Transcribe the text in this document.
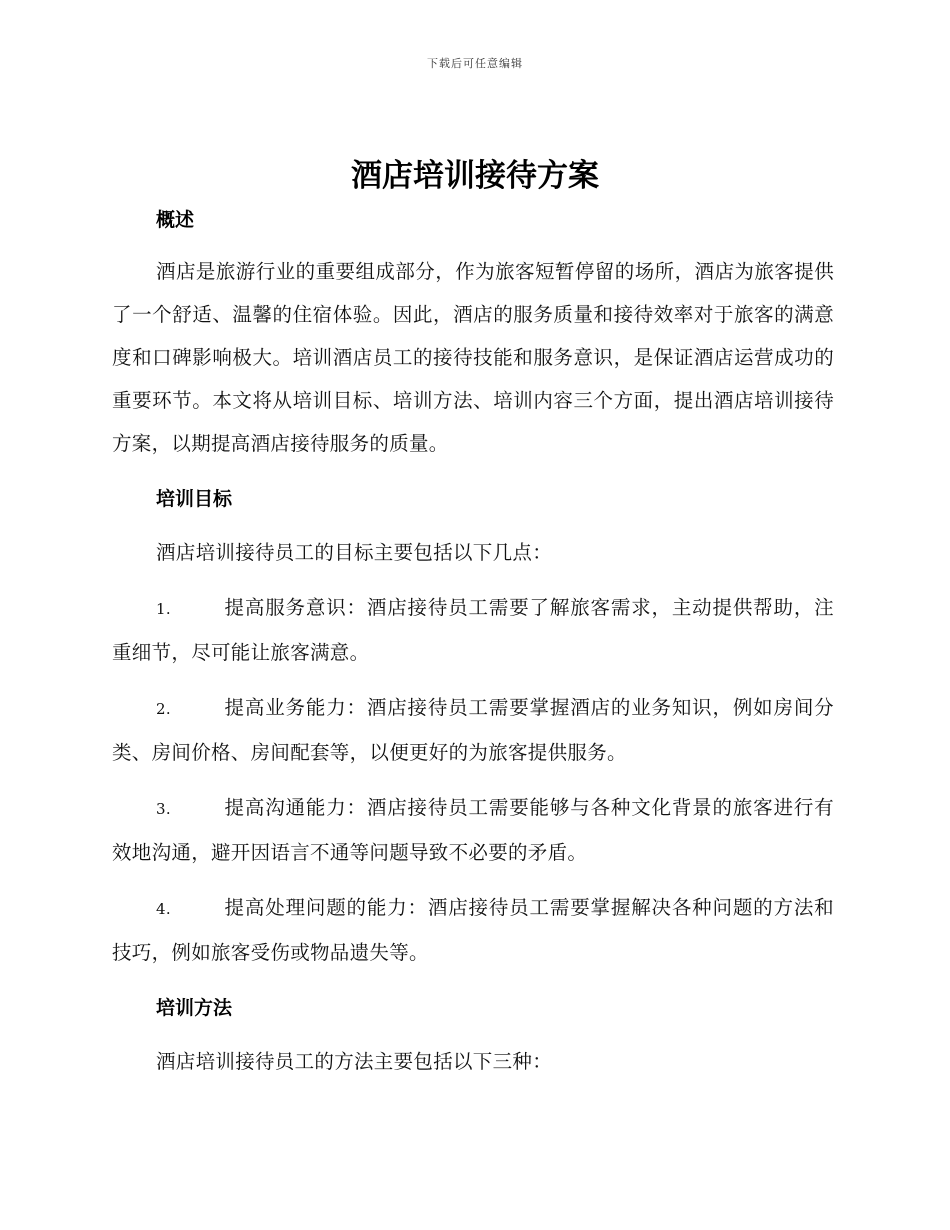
下载后可任意编辑
酒店培训接待方案
概述

酒店是旅游行业的重要组成部分，作为旅客短暂停留的场所，酒店为旅客提供了一个舒适、温馨的住宿体验。因此，酒店的服务质量和接待效率对于旅客的满意度和口碑影响极大。培训酒店员工的接待技能和服务意识，是保证酒店运营成功的重要环节。本文将从培训目标、培训方法、培训内容三个方面，提出酒店培训接待方案，以期提高酒店接待服务的质量。

培训目标

酒店培训接待员工的目标主要包括以下几点：

1.	提高服务意识：酒店接待员工需要了解旅客需求，主动提供帮助，注重细节，尽可能让旅客满意。

2.	提高业务能力：酒店接待员工需要掌握酒店的业务知识，例如房间分类、房间价格、房间配套等，以便更好的为旅客提供服务。

3.	提高沟通能力：酒店接待员工需要能够与各种文化背景的旅客进行有效地沟通，避开因语言不通等问题导致不必要的矛盾。

4.	提高处理问题的能力：酒店接待员工需要掌握解决各种问题的方法和技巧，例如旅客受伤或物品遗失等。

培训方法

酒店培训接待员工的方法主要包括以下三种：
